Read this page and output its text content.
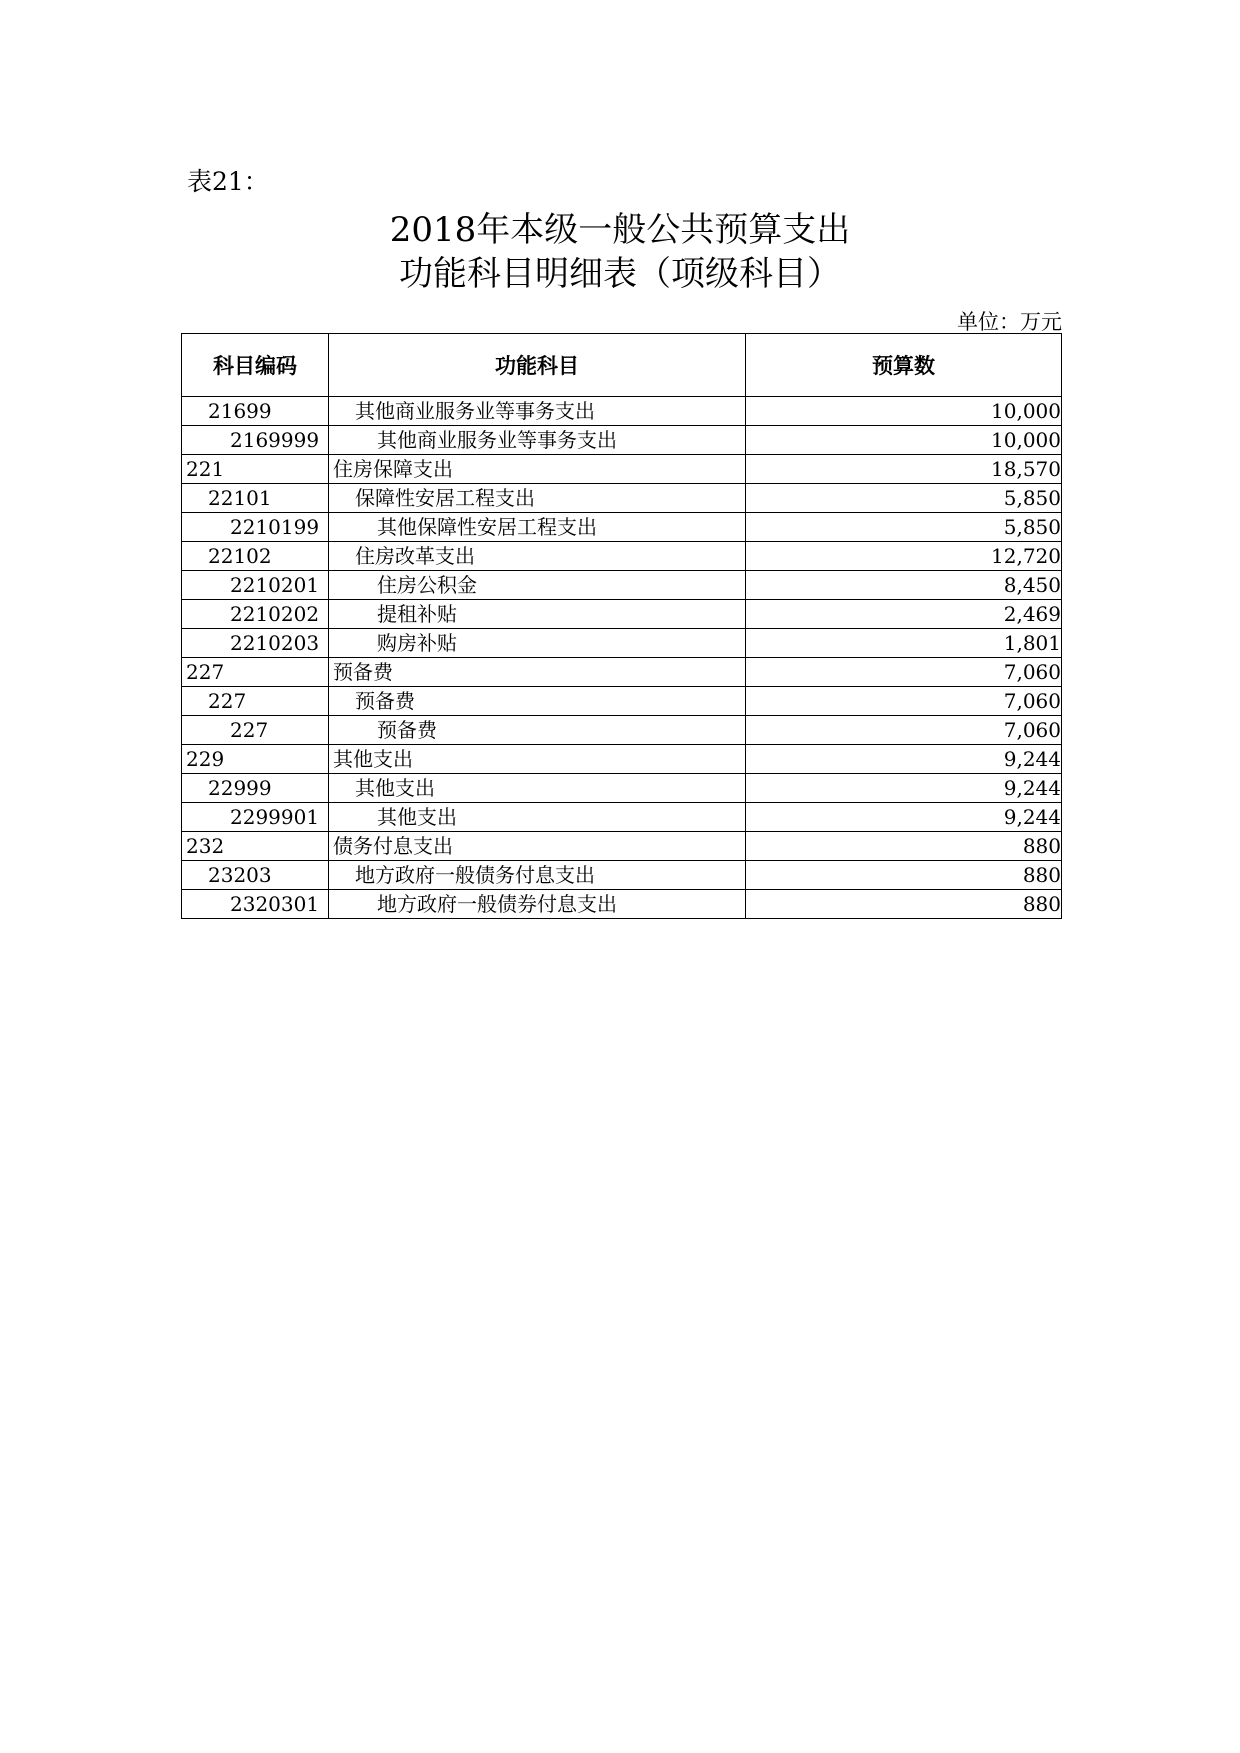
表21：
2018年本级一般公共预算支出
功能科目明细表（项级科目）
单位：万元
科目编码	功能科目	预算数
21699	其他商业服务业等事务支出	10,000
2169999	其他商业服务业等事务支出	10,000
221	住房保障支出	18,570
22101	保障性安居工程支出	5,850
2210199	其他保障性安居工程支出	5,850
22102	住房改革支出	12,720
2210201	住房公积金	8,450
2210202	提租补贴	2,469
2210203	购房补贴	1,801
227	预备费	7,060
227	预备费	7,060
227	预备费	7,060
229	其他支出	9,244
22999	其他支出	9,244
2299901	其他支出	9,244
232	债务付息支出	880
23203	地方政府一般债务付息支出	880
2320301	地方政府一般债券付息支出	880
